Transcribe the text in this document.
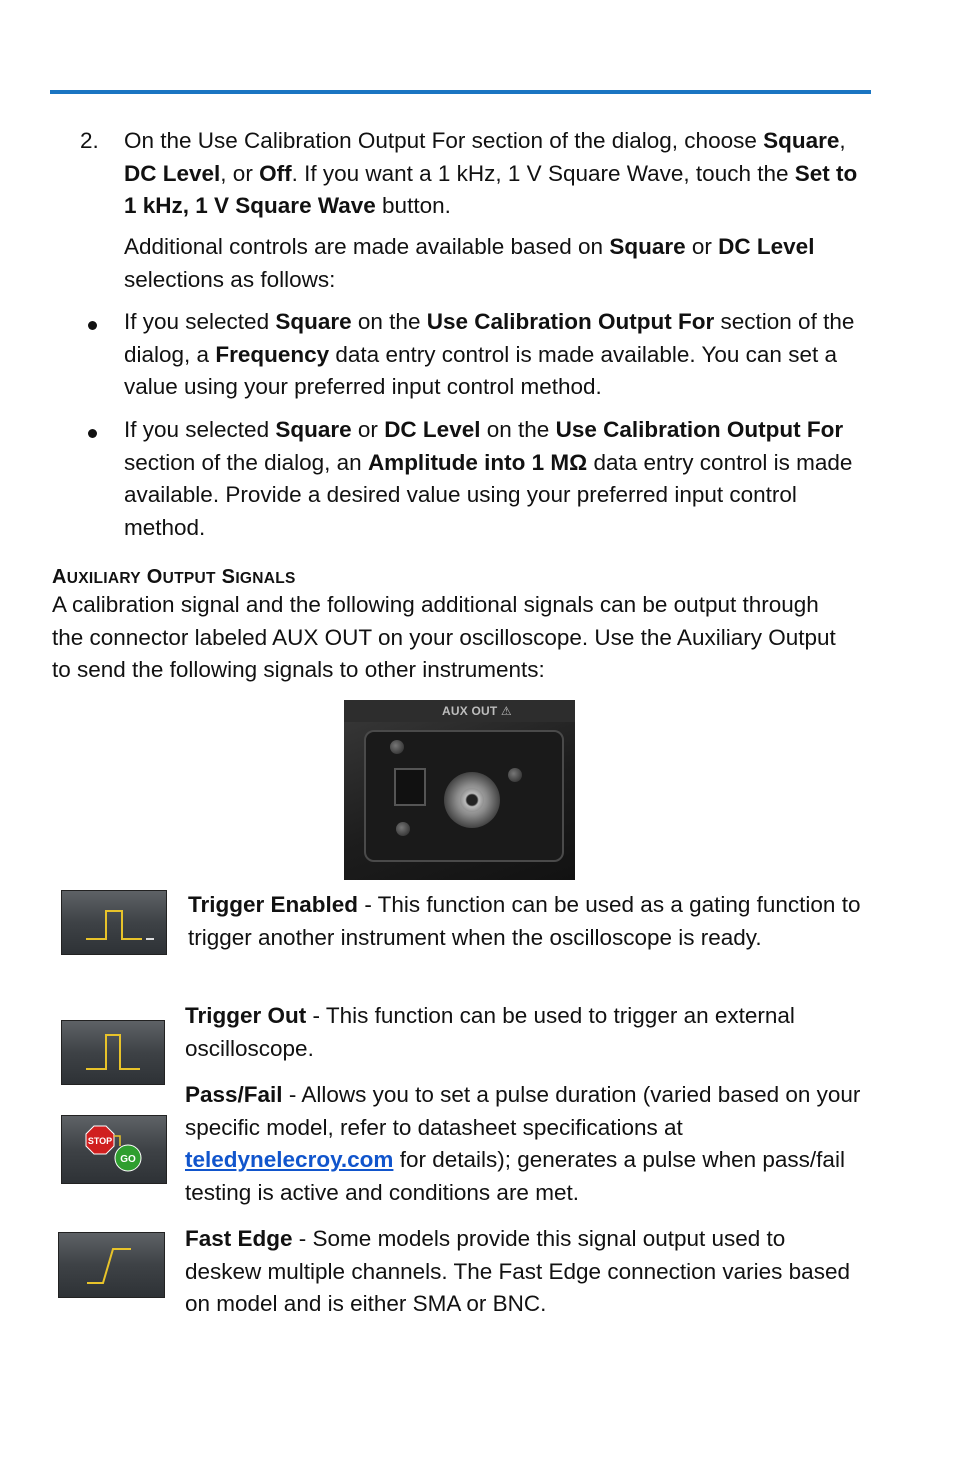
2. On the Use Calibration Output For section of the dialog, choose Square, DC Level, or Off. If you want a 1 kHz, 1 V Square Wave, touch the Set to 1 kHz, 1 V Square Wave button.

Additional controls are made available based on Square or DC Level selections as follows:

If you selected Square on the Use Calibration Output For section of the dialog, a Frequency data entry control is made available. You can set a value using your preferred input control method.

If you selected Square or DC Level on the Use Calibration Output For section of the dialog, an Amplitude into 1 MΩ data entry control is made available. Provide a desired value using your preferred input control method.

AUXILIARY OUTPUT SIGNALS

A calibration signal and the following additional signals can be output through the connector labeled AUX OUT on your oscilloscope. Use the Auxiliary Output to send the following signals to other instruments:

AUX OUT ⚠

Trigger Enabled - This function can be used as a gating function to trigger another instrument when the oscilloscope is ready.

Trigger Out - This function can be used to trigger an external oscilloscope.

STOP
GO

Pass/Fail - Allows you to set a pulse duration (varied based on your specific model, refer to datasheet specifications at teledynelecroy.com for details); generates a pulse when pass/fail testing is active and conditions are met.

Fast Edge - Some models provide this signal output used to deskew multiple channels. The Fast Edge connection varies based on model and is either SMA or BNC.
